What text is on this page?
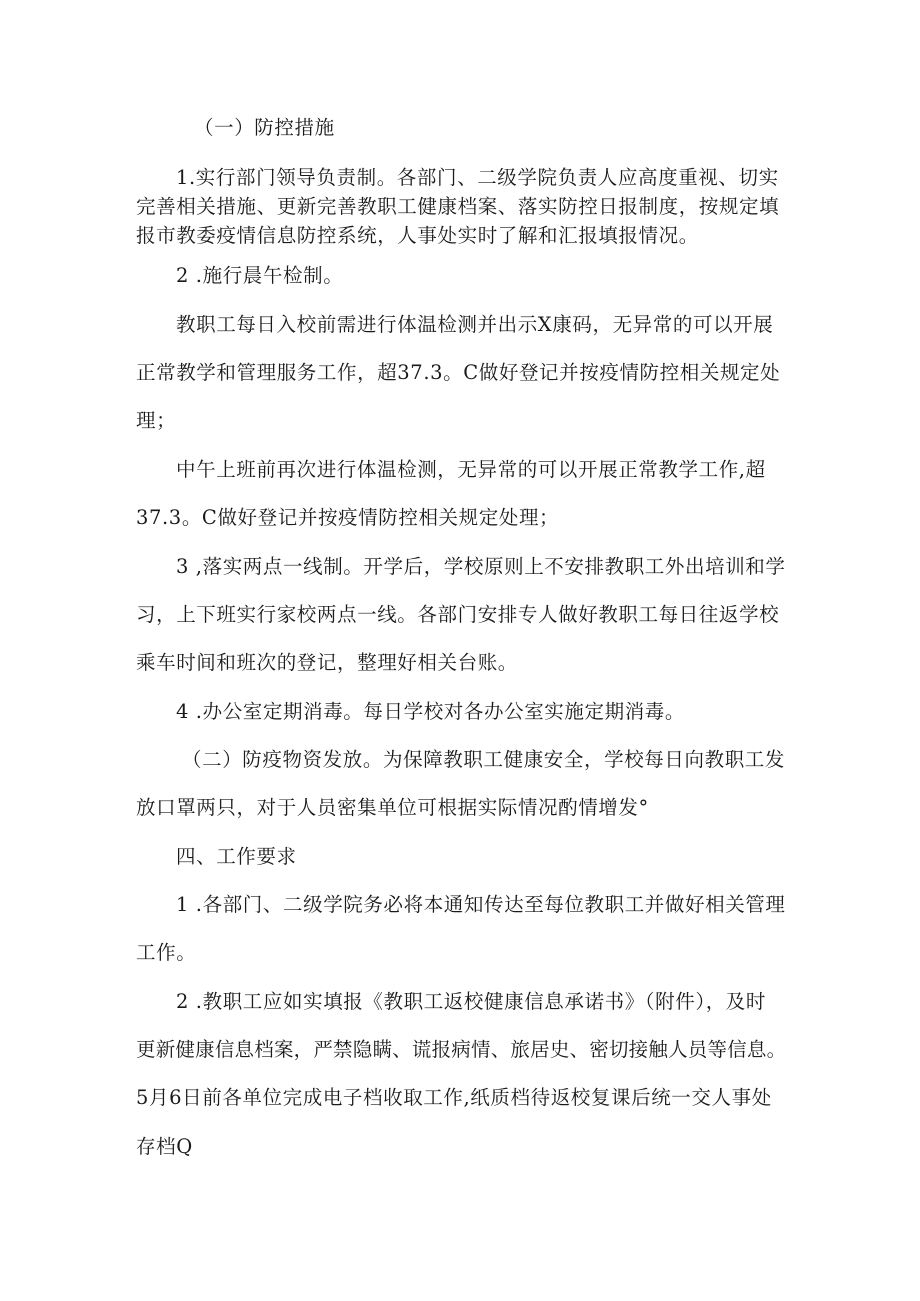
（一）防控措施
1.实行部门领导负责制。各部门、二级学院负责人应高度重视、切实
完善相关措施、更新完善教职工健康档案、落实防控日报制度，按规定填
报市教委疫情信息防控系统，人事处实时了解和汇报填报情况。
2 .施行晨午检制。
教职工每日入校前需进行体温检测并出示X康码，无异常的可以开展
正常教学和管理服务工作，超37.3。C做好登记并按疫情防控相关规定处
理；
中午上班前再次进行体温检测，无异常的可以开展正常教学工作,超
37.3。C做好登记并按疫情防控相关规定处理；
3 ,落实两点一线制。开学后，学校原则上不安排教职工外出培训和学
习，上下班实行家校两点一线。各部门安排专人做好教职工每日往返学校
乘车时间和班次的登记，整理好相关台账。
4 .办公室定期消毒。每日学校对各办公室实施定期消毒。
（二）防疫物资发放。为保障教职工健康安全，学校每日向教职工发
放口罩两只，对于人员密集单位可根据实际情况酌情增发°
四、工作要求
1 .各部门、二级学院务必将本通知传达至每位教职工并做好相关管理
工作。
2 .教职工应如实填报《教职工返校健康信息承诺书》（附件），及时
更新健康信息档案，严禁隐瞒、谎报病情、旅居史、密切接触人员等信息。
5月6日前各单位完成电子档收取工作,纸质档待返校复课后统一交人事处
存档Q
